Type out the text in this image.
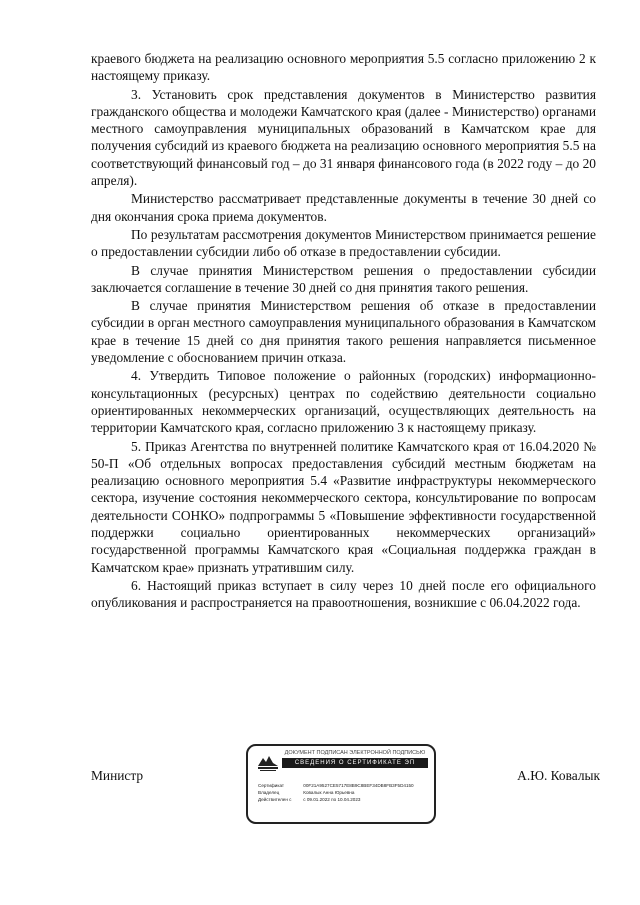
краевого бюджета на реализацию основного мероприятия 5.5 согласно приложению 2 к настоящему приказу.

3. Установить срок представления документов в Министерство развития гражданского общества и молодежи Камчатского края (далее - Министерство) органами местного самоуправления муниципальных образований в Камчатском крае для получения субсидий из краевого бюджета на реализацию основного мероприятия 5.5 на соответствующий финансовый год – до 31 января финансового года (в 2022 году – до 20 апреля).

Министерство рассматривает представленные документы в течение 30 дней со дня окончания срока приема документов.

По результатам рассмотрения документов Министерством принимается решение о предоставлении субсидии либо об отказе в предоставлении субсидии.

В случае принятия Министерством решения о предоставлении субсидии заключается соглашение в течение 30 дней со дня принятия такого решения.

В случае принятия Министерством решения об отказе в предоставлении субсидии в орган местного самоуправления муниципального образования в Камчатском крае в течение 15 дней со дня принятия такого решения направляется письменное уведомление с обоснованием причин отказа.

4. Утвердить Типовое положение о районных (городских) информационно-консультационных (ресурсных) центрах по содействию деятельности социально ориентированных некоммерческих организаций, осуществляющих деятельность на территории Камчатского края, согласно приложению 3 к настоящему приказу.

5. Приказ Агентства по внутренней политике Камчатского края от 16.04.2020 № 50-П «Об отдельных вопросах предоставления субсидий местным бюджетам на реализацию основного мероприятия 5.4 «Развитие инфраструктуры некоммерческого сектора, изучение состояния некоммерческого сектора, консультирование по вопросам деятельности СОНКО» подпрограммы 5 «Повышение эффективности государственной поддержки социально ориентированных некоммерческих организаций» государственной программы Камчатского края «Социальная поддержка граждан в Камчатском крае» признать утратившим силу.

6. Настоящий приказ вступает в силу через 10 дней после его официального опубликования и распространяется на правоотношения, возникшие с 06.04.2022 года.

Министр	А.Ю. Ковалык
ДОКУМЕНТ ПОДПИСАН ЭЛЕКТРОННОЙ ПОДПИСЬЮ
СВЕДЕНИЯ О СЕРТИФИКАТЕ ЭП
Сертификат	00F21A9527CE5717E8B9C8BEF34DB8FB3F5D4150
Владелец	Ковалык Анна Юрьевна
Действителен с	с 09.01.2022 по 10.04.2023
